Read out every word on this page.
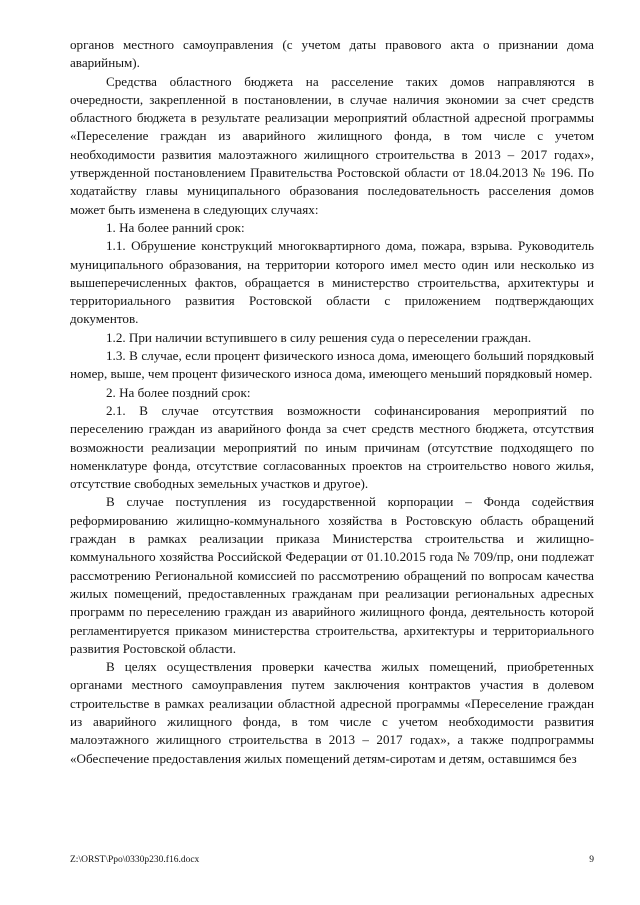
органов местного самоуправления (с учетом даты правового акта о признании дома аварийным).

Средства областного бюджета на расселение таких домов направляются в очередности, закрепленной в постановлении, в случае наличия экономии за счет средств областного бюджета в результате реализации мероприятий областной адресной программы «Переселение граждан из аварийного жилищного фонда, в том числе с учетом необходимости развития малоэтажного жилищного строительства в 2013 – 2017 годах», утвержденной постановлением Правительства Ростовской области от 18.04.2013 № 196. По ходатайству главы муниципального образования последовательность расселения домов может быть изменена в следующих случаях:

1. На более ранний срок:

1.1. Обрушение конструкций многоквартирного дома, пожара, взрыва. Руководитель муниципального образования, на территории которого имел место один или несколько из вышеперечисленных фактов, обращается в министерство строительства, архитектуры и территориального развития Ростовской области с приложением подтверждающих документов.

1.2. При наличии вступившего в силу решения суда о переселении граждан.

1.3. В случае, если процент физического износа дома, имеющего больший порядковый номер, выше, чем процент физического износа дома, имеющего меньший порядковый номер.

2. На более поздний срок:

2.1. В случае отсутствия возможности софинансирования мероприятий по переселению граждан из аварийного фонда за счет средств местного бюджета, отсутствия возможности реализации мероприятий по иным причинам (отсутствие подходящего по номенклатуре фонда, отсутствие согласованных проектов на строительство нового жилья, отсутствие свободных земельных участков и другое).

В случае поступления из государственной корпорации – Фонда содействия реформированию жилищно-коммунального хозяйства в Ростовскую область обращений граждан в рамках реализации приказа Министерства строительства и жилищно-коммунального хозяйства Российской Федерации от 01.10.2015 года № 709/пр, они подлежат рассмотрению Региональной комиссией по рассмотрению обращений по вопросам качества жилых помещений, предоставленных гражданам при реализации региональных адресных программ по переселению граждан из аварийного жилищного фонда, деятельность которой регламентируется приказом министерства строительства, архитектуры и территориального развития Ростовской области.

В целях осуществления проверки качества жилых помещений, приобретенных органами местного самоуправления путем заключения контрактов участия в долевом строительстве в рамках реализации областной адресной программы «Переселение граждан из аварийного жилищного фонда, в том числе с учетом необходимости развития малоэтажного жилищного строительства в 2013 – 2017 годах», а также подпрограммы «Обеспечение предоставления жилых помещений детям-сиротам и детям, оставшимся без

Z:\ORST\Ppo\0330p230.f16.docx	9
